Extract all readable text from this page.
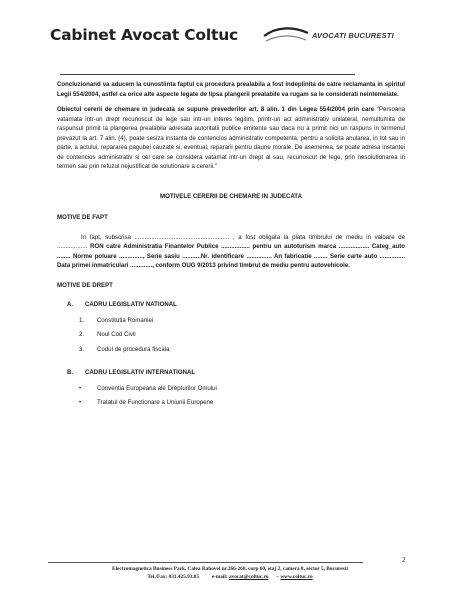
Cabinet Avocat Coltuc	AVOCATI BUCURESTI

Concluzionand va aducem la cunostiinta faptul ca procedura prealabila a fost indeplinita de catre reclamanta in spiritul Legii 554/2004, astfel ca orice alte aspecte legate de lipsa plangerii prealabile va rugam sa le considerati neintemeiate.

Obiectul cererii de chemare in judecata se supune prevederilor art. 8 alin. 1 din Legea 554/2004 prin care "Persoana vatamata intr-un drept recunoscut de lege sau intr-un interes legitim, printr-un act administrativ unilateral, nemultumita de raspunsul primit la plangerea prealabila adresata autoritatii publice emitente sau daca nu a primit nici un raspuns in termenul prevazut la art. 7 alin. (4), poate sesiza instanta de contencios administrativ competenta, pentru a solicita anularea, in tot sau in parte, a actului, repararea pagubei cauzate si, eventual, repararii pentru daune morale. De asemenea, se poate adresa instantei de contencios administrativ si cel care se considera vatamat intr-un drept al sau, recunoscut de lege, prin nesolutionarea in termen sau prin refuzul nejustificat de solutionare a cererii."

MOTIVELE CERERII DE CHEMARE IN JUDECATA
MOTIVE DE FAPT

In fapt, subscrisa ........................................................ , a fost obligata la plata timbrului de mediu in valoare de .................. RON catre Administratia Finantelor Publice ................. pentru un autoturism marca .................. Categ_auto ........ Norme poluare .............., Serie sasiu ...........Nr. identificare ............... An fabricatie ........ Serie carte auto ............... Data primei inmatriculari ............., conform OUG 9/2013 privind timbrul de mediu pentru autovehicole.

MOTIVE DE DREPT
A.	CADRU LEGISLATIV NATIONAL
1.	Constitutia Romaniei
2.	Noul Cod Civil
3.	Codul de procedura fiscala
B.	CADRU LEGISLATIV INTERNATIONAL
•	Conventia Europeana ale Drepturilor Omului
•	Tratatul de Functionare a Uniunii Europene
2
Electromagnetica Business Park, Calea Rahovei nr.266-268, corp 60, etaj 2, camera 8, sector 5, Bucuresti
Tel./Fax: 031.425.93.85 e-mail: avocat@coltuc.ro – www.coltuc.ro
